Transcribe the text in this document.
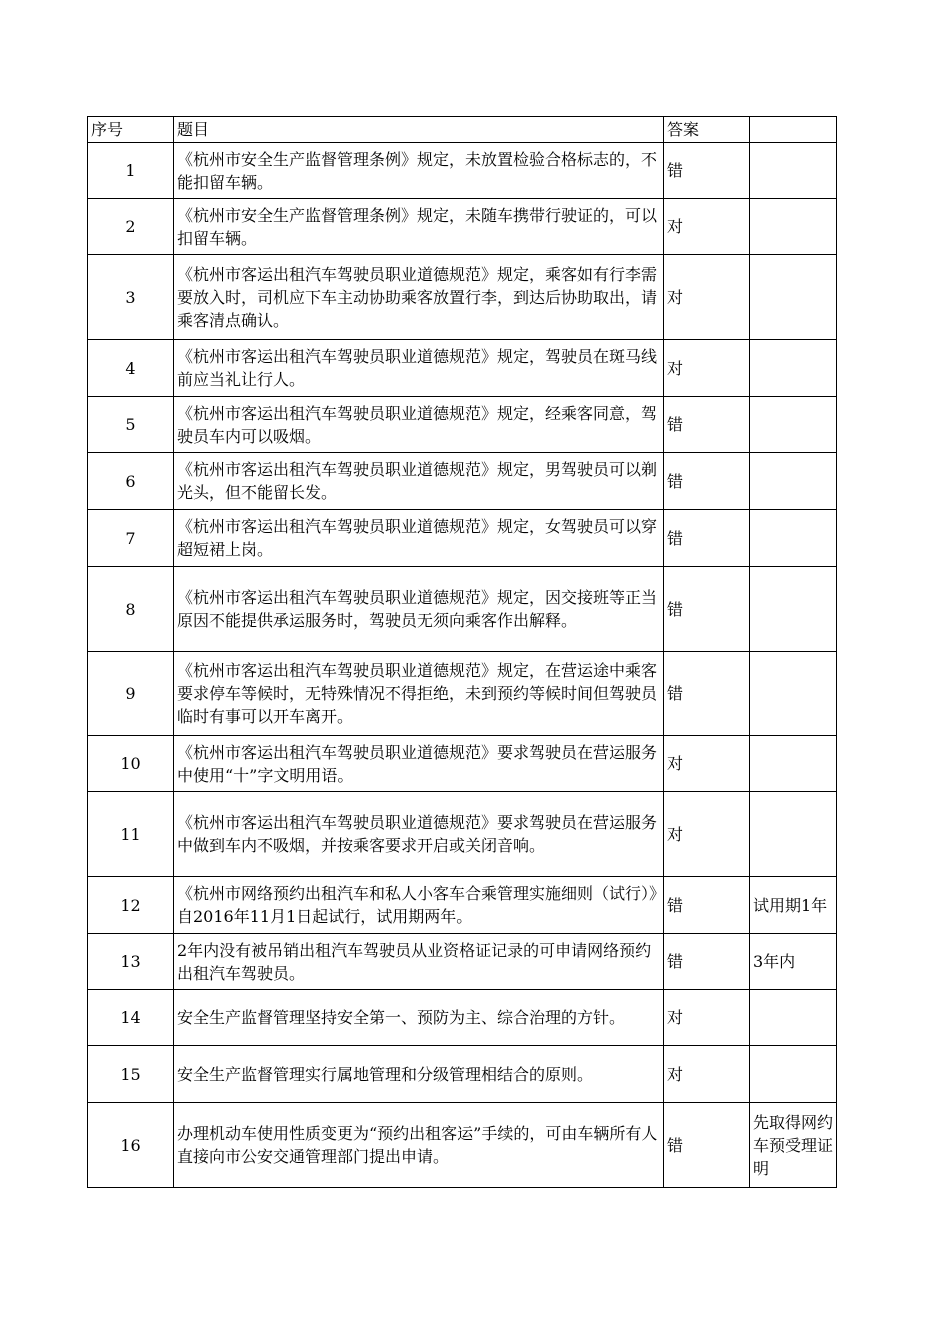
序号	题目	答案	
1	《杭州市安全生产监督管理条例》规定，未放置检验合格标志的，不能扣留车辆。	错	
2	《杭州市安全生产监督管理条例》规定，未随车携带行驶证的，可以扣留车辆。	对	
3	《杭州市客运出租汽车驾驶员职业道德规范》规定，乘客如有行李需要放入时，司机应下车主动协助乘客放置行李，到达后协助取出，请乘客清点确认。	对	
4	《杭州市客运出租汽车驾驶员职业道德规范》规定，驾驶员在斑马线前应当礼让行人。	对	
5	《杭州市客运出租汽车驾驶员职业道德规范》规定，经乘客同意，驾驶员车内可以吸烟。	错	
6	《杭州市客运出租汽车驾驶员职业道德规范》规定，男驾驶员可以剃光头，但不能留长发。	错	
7	《杭州市客运出租汽车驾驶员职业道德规范》规定，女驾驶员可以穿超短裙上岗。	错	
8	《杭州市客运出租汽车驾驶员职业道德规范》规定，因交接班等正当原因不能提供承运服务时，驾驶员无须向乘客作出解释。	错	
9	《杭州市客运出租汽车驾驶员职业道德规范》规定，在营运途中乘客要求停车等候时，无特殊情况不得拒绝，未到预约等候时间但驾驶员临时有事可以开车离开。	错	
10	《杭州市客运出租汽车驾驶员职业道德规范》要求驾驶员在营运服务中使用“十”字文明用语。	对	
11	《杭州市客运出租汽车驾驶员职业道德规范》要求驾驶员在营运服务中做到车内不吸烟，并按乘客要求开启或关闭音响。	对	
12	《杭州市网络预约出租汽车和私人小客车合乘管理实施细则（试行）》自2016年11月1日起试行，试用期两年。	错	试用期1年
13	2年内没有被吊销出租汽车驾驶员从业资格证记录的可申请网络预约出租汽车驾驶员。	错	3年内
14	安全生产监督管理坚持安全第一、预防为主、综合治理的方针。	对	
15	安全生产监督管理实行属地管理和分级管理相结合的原则。	对	
16	办理机动车使用性质变更为“预约出租客运”手续的，可由车辆所有人直接向市公安交通管理部门提出申请。	错	先取得网约车预受理证明
